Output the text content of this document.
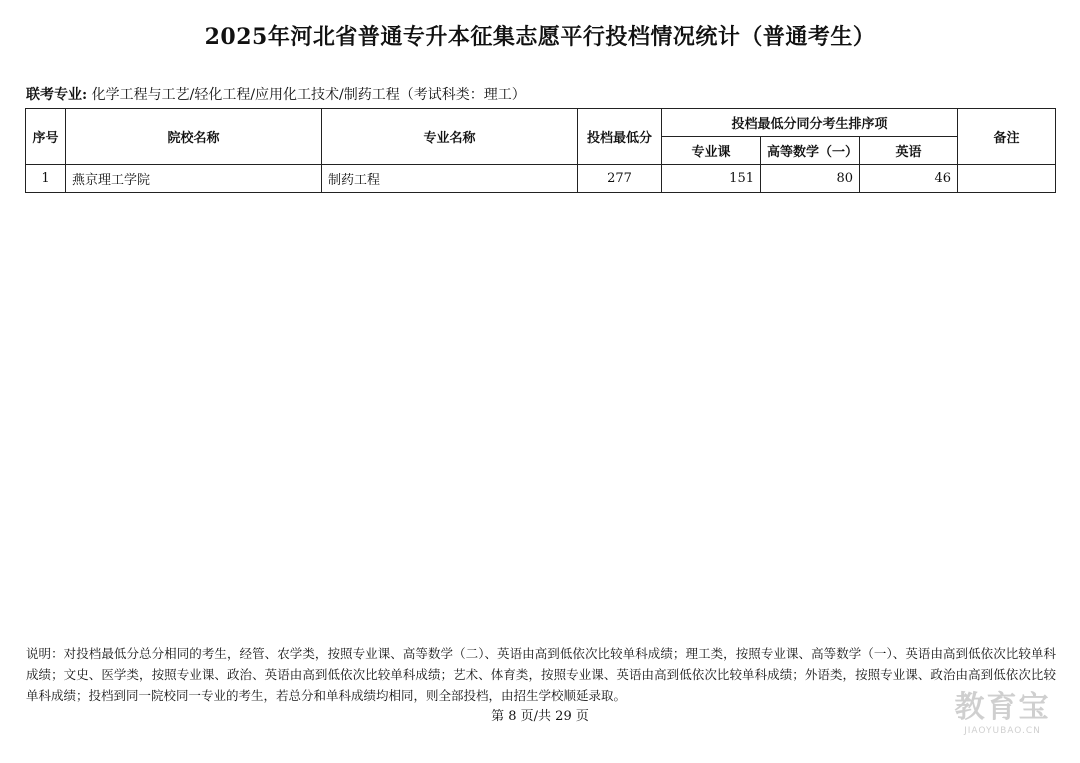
2025年河北省普通专升本征集志愿平行投档情况统计（普通考生）
联考专业: 化学工程与工艺/轻化工程/应用化工技术/制药工程（考试科类：理工）
序号	院校名称	专业名称	投档最低分	投档最低分同分考生排序项			备注
				专业课	高等数学（一）	英语	
1	燕京理工学院	制药工程	277	151	80	46	
说明：对投档最低分总分相同的考生，经管、农学类，按照专业课、高等数学（二）、英语由高到低依次比较单科成绩；理工类，按照专业课、高等数学（一）、英语由高到低依次比较单科成绩；文史、医学类，按照专业课、政治、英语由高到低依次比较单科成绩；艺术、体育类，按照专业课、英语由高到低依次比较单科成绩；外语类，按照专业课、政治由高到低依次比较单科成绩；投档到同一院校同一专业的考生，若总分和单科成绩均相同，则全部投档，由招生学校顺延录取。
第 8 页/共 29 页	教育宝
JIAOYUBAO.CN
